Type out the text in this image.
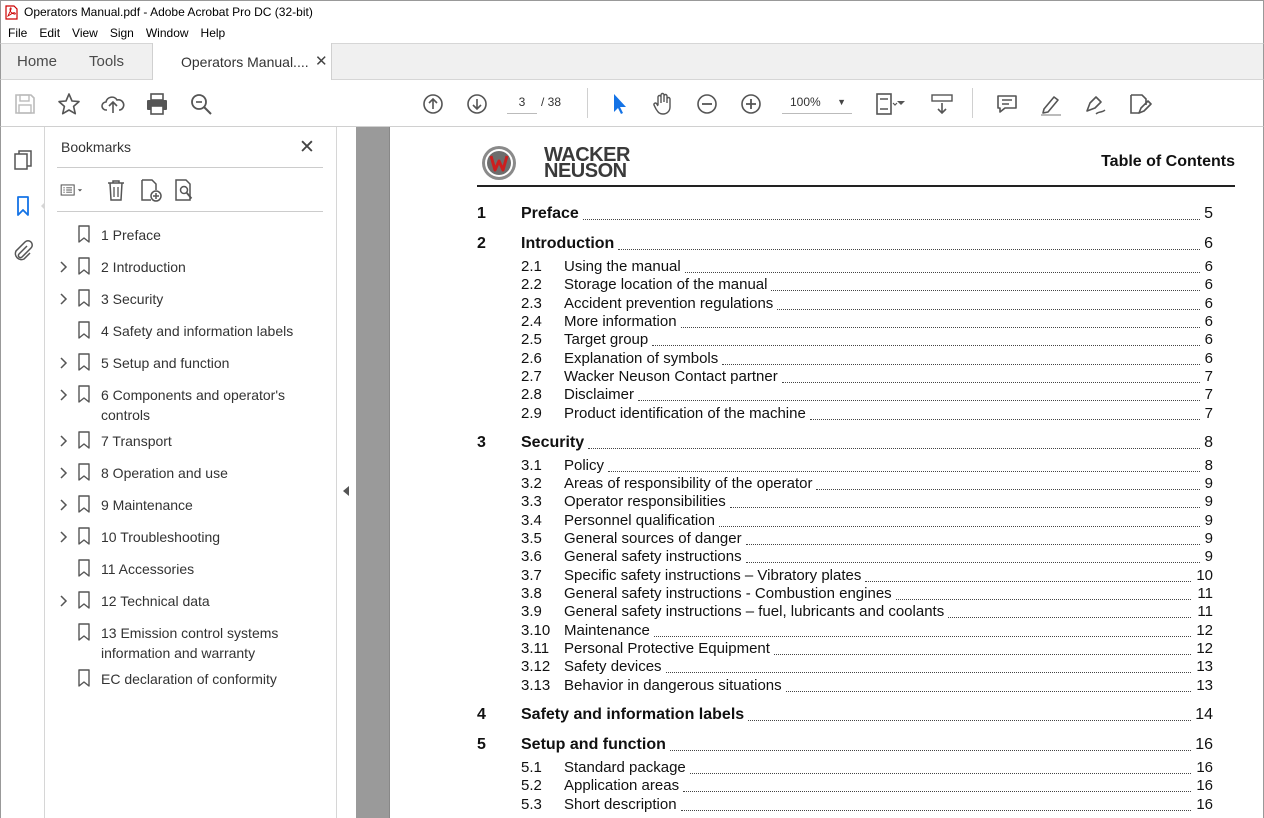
Operators Manual.pdf - Adobe Acrobat Pro DC (32-bit)
File Edit View Sign Window Help
Home Tools	Operators Manual.... ✕
3	/ 38	100% ▼
Bookmarks	✕
1 Preface
2 Introduction
3 Security
4 Safety and information labels
5 Setup and function
6 Components and operator's controls
7 Transport
8 Operation and use
9 Maintenance
10 Troubleshooting
11 Accessories
12 Technical data
13 Emission control systems information and warranty
EC declaration of conformity
WACKER
NEUSON	Table of Contents
1 Preface	5
2 Introduction	6
2.1 Using the manual	6
2.2 Storage location of the manual	6
2.3 Accident prevention regulations	6
2.4 More information	6
2.5 Target group	6
2.6 Explanation of symbols	6
2.7 Wacker Neuson Contact partner	7
2.8 Disclaimer	7
2.9 Product identification of the machine	7
3 Security	8
3.1 Policy	8
3.2 Areas of responsibility of the operator	9
3.3 Operator responsibilities	9
3.4 Personnel qualification	9
3.5 General sources of danger	9
3.6 General safety instructions	9
3.7 Specific safety instructions – Vibratory plates	10
3.8 General safety instructions - Combustion engines	11
3.9 General safety instructions – fuel, lubricants and coolants	11
3.10 Maintenance	12
3.11 Personal Protective Equipment	12
3.12 Safety devices	13
3.13 Behavior in dangerous situations	13
4 Safety and information labels	14
5 Setup and function	16
5.1 Standard package	16
5.2 Application areas	16
5.3 Short description	16
